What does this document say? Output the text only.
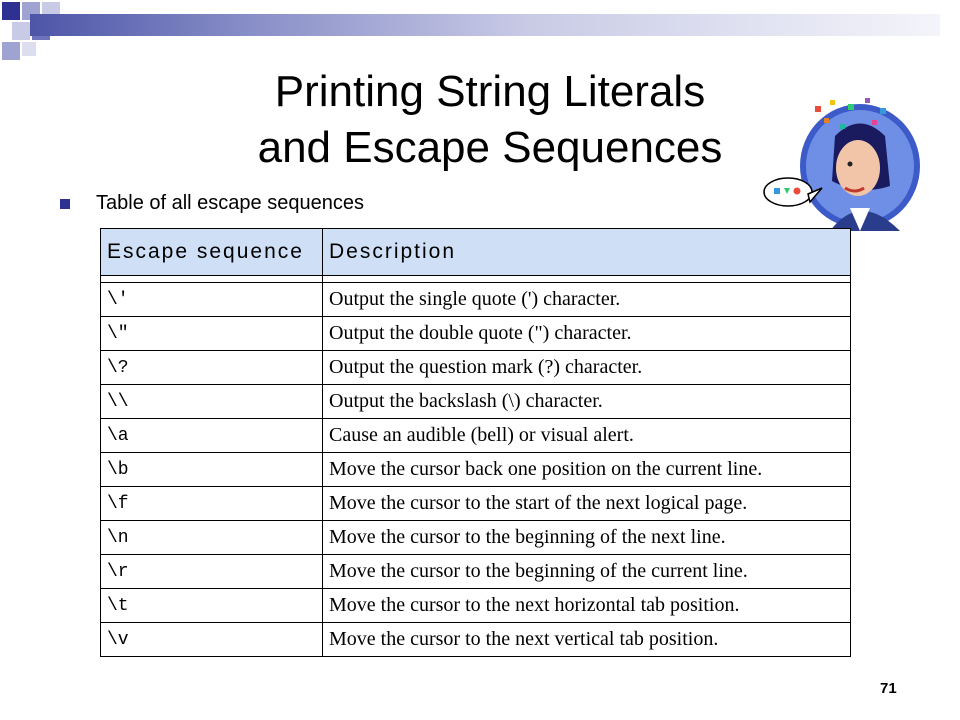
Printing String Literals
and Escape Sequences
Table of all escape sequences
Escape sequence	Description

\'	Output the single quote (') character.
\"	Output the double quote (") character.
\?	Output the question mark (?) character.
\\	Output the backslash (\) character.
\a	Cause an audible (bell) or visual alert.
\b	Move the cursor back one position on the current line.
\f	Move the cursor to the start of the next logical page.
\n	Move the cursor to the beginning of the next line.
\r	Move the cursor to the beginning of the current line.
\t	Move the cursor to the next horizontal tab position.
\v	Move the cursor to the next vertical tab position.
71
